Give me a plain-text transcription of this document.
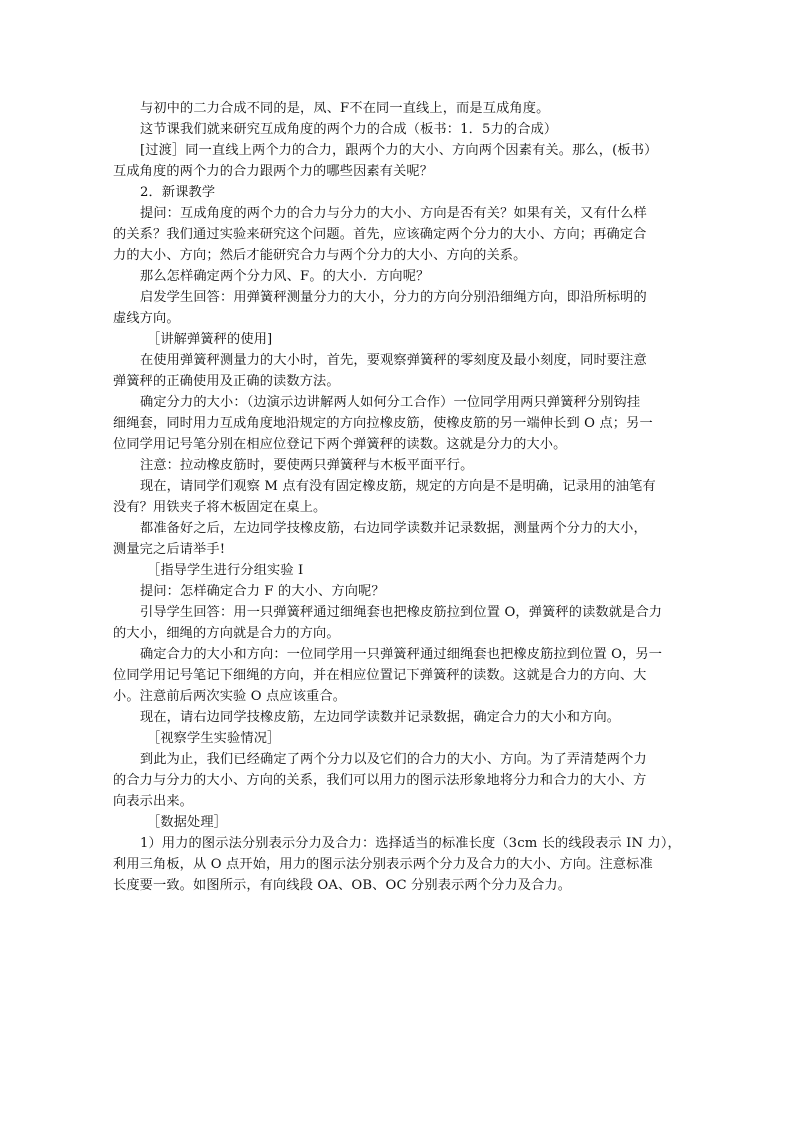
与初中的二力合成不同的是，凤、F不在同一直线上，而是互成角度。
这节课我们就来研究互成角度的两个力的合成（板书：1．5力的合成）
[过渡］同一直线上两个力的合力，跟两个力的大小、方向两个因素有关。那么，(板书）
互成角度的两个力的合力跟两个力的哪些因素有关呢？
2．新课教学
提问：互成角度的两个力的合力与分力的大小、方向是否有关？如果有关，又有什么样
的关系？我们通过实验来研究这个问题。首先，应该确定两个分力的大小、方向；再确定合
力的大小、方向；然后才能研究合力与两个分力的大小、方向的关系。
那么怎样确定两个分力风、F。的大小．方向呢？
启发学生回答：用弹簧秤测量分力的大小，分力的方向分别沿细绳方向，即沿所标明的
虚线方向。
［讲解弹簧秤的使用]
在使用弹簧秤测量力的大小时，首先，要观察弹簧秤的零刻度及最小刻度，同时要注意
弹簧秤的正确使用及正确的读数方法。
确定分力的大小：（边演示边讲解两人如何分工合作）一位同学用两只弹簧秤分别钩挂
细绳套，同时用力互成角度地沿规定的方向拉橡皮筋，使橡皮筋的另一端伸长到 O 点；另一
位同学用记号笔分别在相应位登记下两个弹簧秤的读数。这就是分力的大小。
注意：拉动橡皮筋时，要使两只弹簧秤与木板平面平行。
现在，请同学们观察 M 点有没有固定橡皮筋，规定的方向是不是明确，记录用的油笔有
没有？用铁夹子将木板固定在桌上。
都准备好之后，左边同学技橡皮筋，右边同学读数并记录数据，测量两个分力的大小，
测量完之后请举手!
［指导学生进行分组实验 I
提问：怎样确定合力 F 的大小、方向呢？
引导学生回答：用一只弹簧秤通过细绳套也把橡皮筋拉到位置 O，弹簧秤的读数就是合力
的大小，细绳的方向就是合力的方向。
确定合力的大小和方向：一位同学用一只弹簧秤通过细绳套也把橡皮筋拉到位置 O，另一
位同学用记号笔记下细绳的方向，并在相应位置记下弹簧秤的读数。这就是合力的方向、大
小。注意前后两次实验 O 点应该重合。
现在，请右边同学技橡皮筋，左边同学读数并记录数据，确定合力的大小和方向。
［视察学生实验情况］
到此为止，我们已经确定了两个分力以及它们的合力的大小、方向。为了弄清楚两个力
的合力与分力的大小、方向的关系，我们可以用力的图示法形象地将分力和合力的大小、方
向表示出来。
［数据处理］
1）用力的图示法分别表示分力及合力：选择适当的标准长度（3cm 长的线段表示 IN 力），
利用三角板，从 O 点开始，用力的图示法分别表示两个分力及合力的大小、方向。注意标准
长度要一致。如图所示，有向线段 OA、OB、OC 分别表示两个分力及合力。
